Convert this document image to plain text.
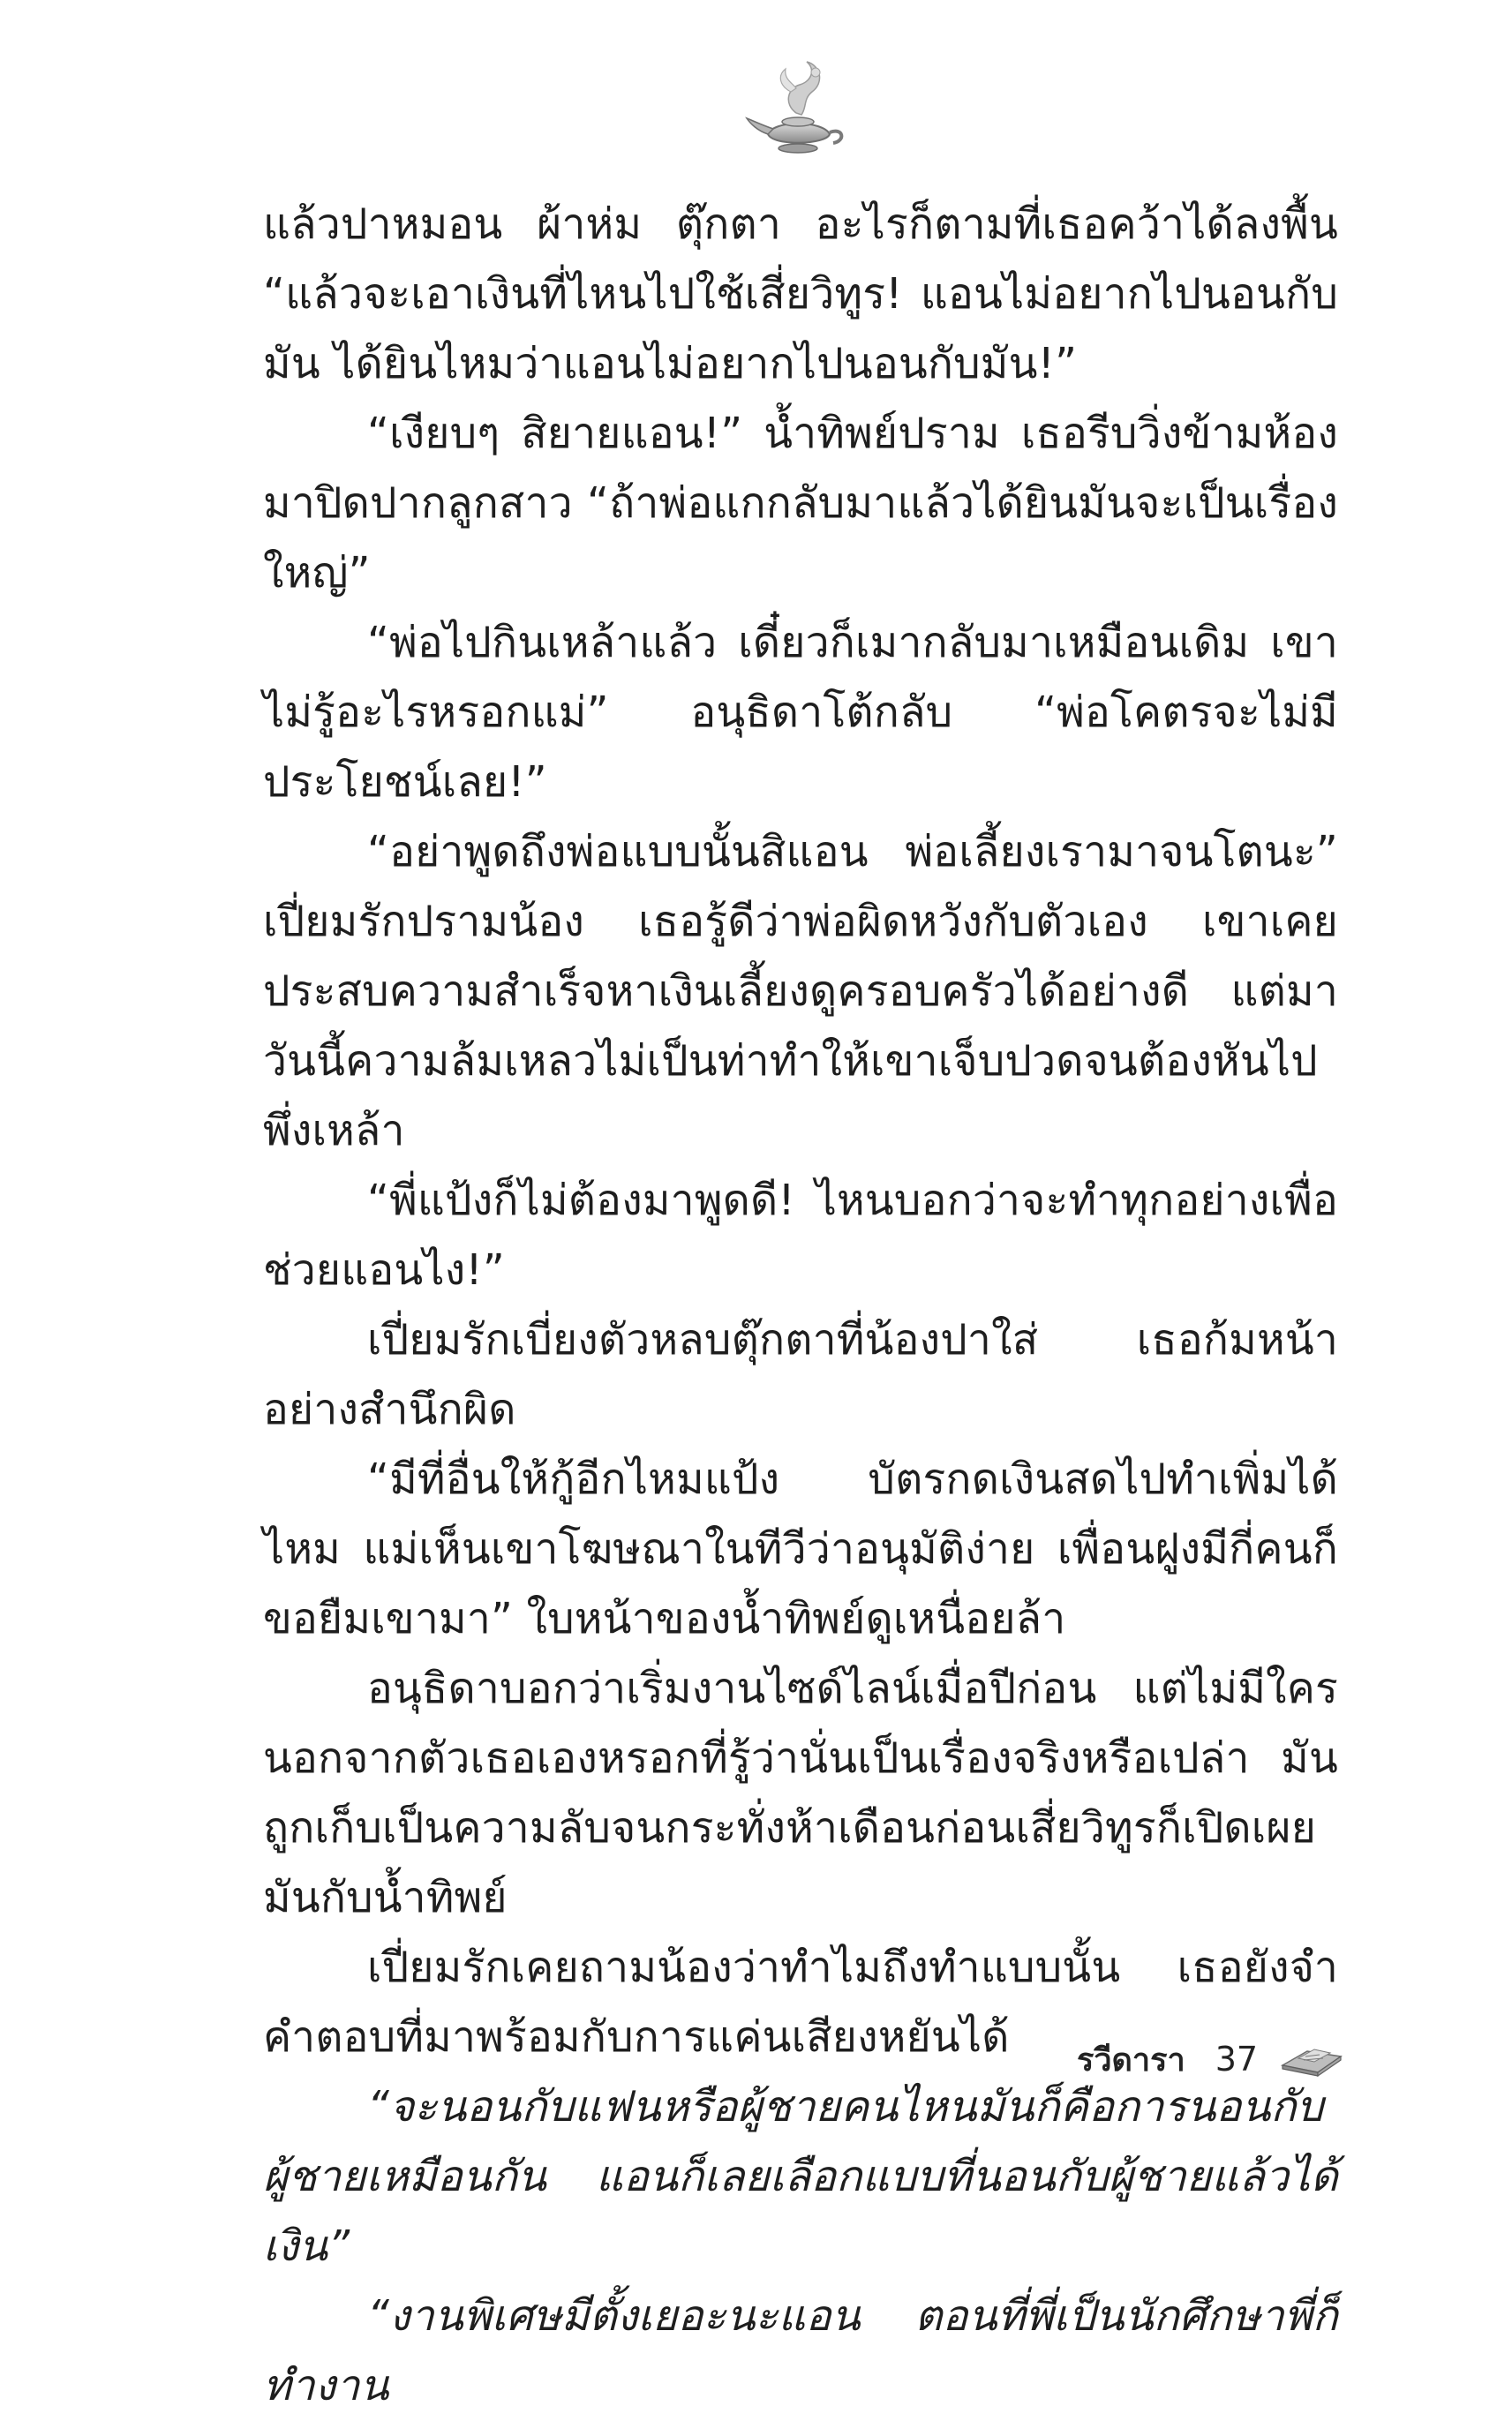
แล้วปาหมอน ผ้าห่ม ตุ๊กตา อะไรก็ตามที่เธอคว้าได้ลงพื้น “แล้วจะเอาเงินที่ไหนไปใช้เสี่ยวิทูร! แอนไม่อยากไปนอนกับมัน ได้ยินไหมว่าแอนไม่อยากไปนอนกับมัน!”

“เงียบๆ สิยายแอน!” น้ำทิพย์ปราม เธอรีบวิ่งข้ามห้องมาปิดปากลูกสาว “ถ้าพ่อแกกลับมาแล้วได้ยินมันจะเป็นเรื่องใหญ่”

“พ่อไปกินเหล้าแล้ว เดี๋ยวก็เมากลับมาเหมือนเดิม เขาไม่รู้อะไรหรอกแม่” อนุธิดาโต้กลับ “พ่อโคตรจะไม่มีประโยชน์เลย!”

“อย่าพูดถึงพ่อแบบนั้นสิแอน พ่อเลี้ยงเรามาจนโตนะ” เปี่ยมรักปรามน้อง เธอรู้ดีว่าพ่อผิดหวังกับตัวเอง เขาเคยประสบความสำเร็จหาเงินเลี้ยงดูครอบครัวได้อย่างดี แต่มาวันนี้ความล้มเหลวไม่เป็นท่าทำให้เขาเจ็บปวดจนต้องหันไปพึ่งเหล้า

“พี่แป้งก็ไม่ต้องมาพูดดี! ไหนบอกว่าจะทำทุกอย่างเพื่อช่วยแอนไง!”

เปี่ยมรักเบี่ยงตัวหลบตุ๊กตาที่น้องปาใส่ เธอก้มหน้าอย่างสำนึกผิด

“มีที่อื่นให้กู้อีกไหมแป้ง บัตรกดเงินสดไปทำเพิ่มได้ไหม แม่เห็นเขาโฆษณาในทีวีว่าอนุมัติง่าย เพื่อนฝูงมีกี่คนก็ขอยืมเขามา” ใบหน้าของน้ำทิพย์ดูเหนื่อยล้า

อนุธิดาบอกว่าเริ่มงานไซด์ไลน์เมื่อปีก่อน แต่ไม่มีใครนอกจากตัวเธอเองหรอกที่รู้ว่านั่นเป็นเรื่องจริงหรือเปล่า มันถูกเก็บเป็นความลับจนกระทั่งห้าเดือนก่อนเสี่ยวิทูรก็เปิดเผยมันกับน้ำทิพย์

เปี่ยมรักเคยถามน้องว่าทำไมถึงทำแบบนั้น เธอยังจำคำตอบที่มาพร้อมกับการแค่นเสียงหยันได้

“จะนอนกับแฟนหรือผู้ชายคนไหนมันก็คือการนอนกับผู้ชายเหมือนกัน แอนก็เลยเลือกแบบที่นอนกับผู้ชายแล้วได้เงิน”

“งานพิเศษมีตั้งเยอะนะแอน ตอนที่พี่เป็นนักศึกษาพี่ก็ทำงาน

รวีดารา 37
